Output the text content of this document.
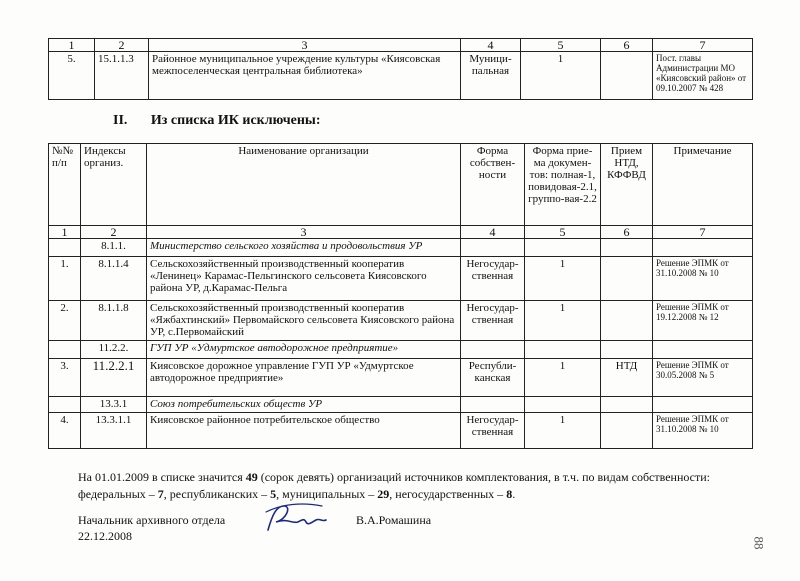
1	2	3	4	5	6	7
5.	15.1.1.3	Районное муниципальное учреждение культуры «Киясовская межпоселенческая центральная библиотека»	Муници-пальная	1		Пост. главы Администрации МО «Киясовский район» от 09.10.2007 № 428
II. Из списка ИК исключены:
№№ п/п	Индексы организ.	Наименование организации	Форма собствен-ности	Форма прие-ма докумен-тов: полная-1, повидовая-2.1, группо-вая-2.2	Прием НТД, КФФВД	Примечание
1	2	3	4	5	6	7
	8.1.1.	Министерство сельского хозяйства и продовольствия УР				
1.	8.1.1.4	Сельскохозяйственный производственный кооператив «Ленинец» Карамас-Пельгинского сельсовета Киясовского района УР, д.Карамас-Пельга	Негосудар-ственная	1		Решение ЭПМК от 31.10.2008 № 10
2.	8.1.1.8	Сельскохозяйственный производственный кооператив «Яжбахтинский» Первомайского сельсовета Киясовского района УР, с.Первомайский	Негосудар-ственная	1		Решение ЭПМК от 19.12.2008 № 12
	11.2.2.	ГУП УР «Удмуртское автодорожное предприятие»				
3.	11.2.2.1	Киясовское дорожное управление ГУП УР «Удмуртское автодорожное предприятие»	Республи-канская	1	НТД	Решение ЭПМК от 30.05.2008 № 5
	13.3.1	Союз потребительских обществ УР				
4.	13.3.1.1	Киясовское районное потребительское общество	Негосудар-ственная	1		Решение ЭПМК от 31.10.2008 № 10
На 01.01.2009 в списке значится 49 (сорок девять) организаций источников комплектования, в т.ч. по видам собственности: федеральных – 7, республиканских – 5, муниципальных – 29, негосударственных – 8.
Начальник архивного отдела
22.12.2008
В.А.Ромашина
88
